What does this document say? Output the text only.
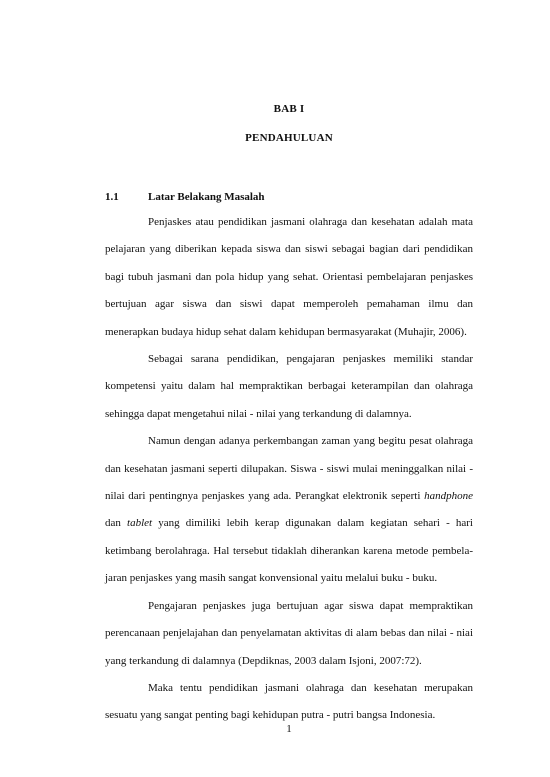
BAB I
PENDAHULUAN
1.1	Latar Belakang Masalah

Penjaskes atau pendidikan jasmani olahraga dan kesehatan adalah mata pelajaran yang diberikan kepada siswa dan siswi sebagai bagian dari pendidikan bagi tubuh jasmani dan pola hidup yang sehat. Orientasi pembelajaran penjaskes bertujuan agar siswa dan siswi dapat memperoleh pemahaman ilmu dan menerapkan budaya hidup sehat dalam kehidupan bermasyarakat (Muhajir, 2006).

Sebagai sarana pendidikan, pengajaran penjaskes memiliki standar kompetensi yaitu dalam hal mempraktikan berbagai keterampilan dan olahraga sehingga dapat mengetahui nilai - nilai yang terkandung di dalamnya.

Namun dengan adanya perkembangan zaman yang begitu pesat olahraga dan kesehatan jasmani seperti dilupakan. Siswa - siswi mulai meninggalkan nilai - nilai dari pentingnya penjaskes yang ada. Perangkat elektronik seperti handphone dan tablet yang dimiliki lebih kerap digunakan dalam kegiatan sehari - hari ketimbang berolahraga. Hal tersebut tidaklah diherankan karena metode pembela-jaran penjaskes yang masih sangat konvensional yaitu melalui buku - buku.

Pengajaran penjaskes juga bertujuan agar siswa dapat mempraktikan perencanaan penjelajahan dan penyelamatan aktivitas di alam bebas dan nilai - niai yang terkandung di dalamnya (Depdiknas, 2003 dalam Isjoni, 2007:72).

Maka tentu pendidikan jasmani olahraga dan kesehatan merupakan sesuatu yang sangat penting bagi kehidupan putra - putri bangsa Indonesia.

1
